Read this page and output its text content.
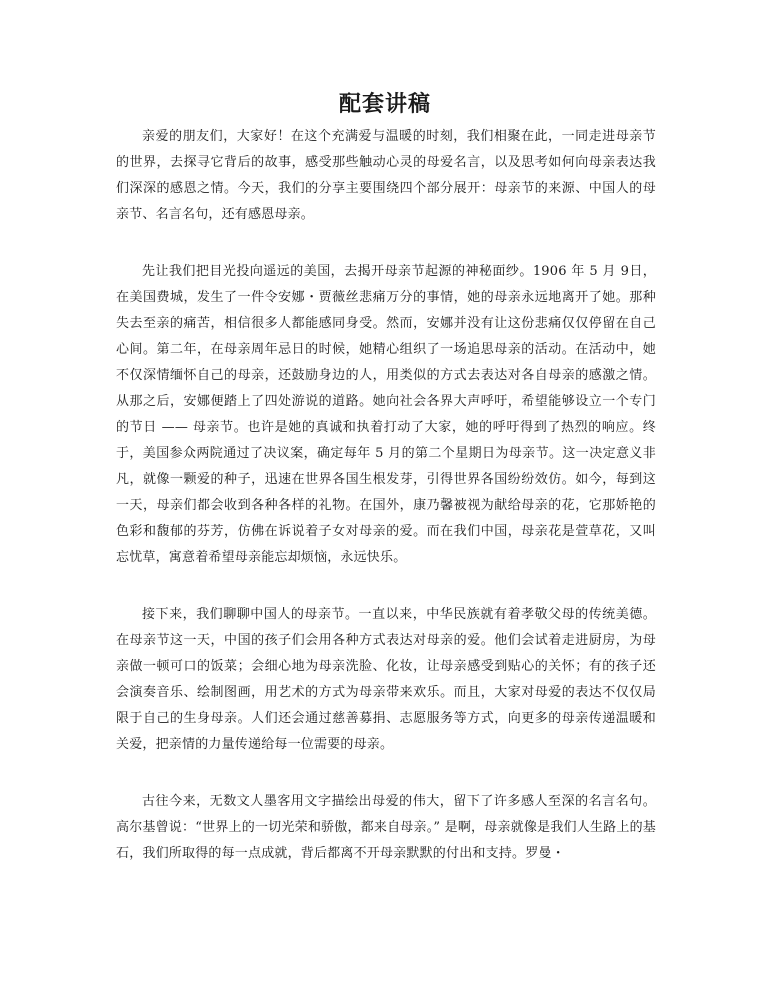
配套讲稿

亲爱的朋友们，大家好！在这个充满爱与温暖的时刻，我们相聚在此，一同走进母亲节的世界，去探寻它背后的故事，感受那些触动心灵的母爱名言，以及思考如何向母亲表达我们深深的感恩之情。今天，我们的分享主要围绕四个部分展开：母亲节的来源、中国人的母亲节、名言名句，还有感恩母亲。

先让我们把目光投向遥远的美国，去揭开母亲节起源的神秘面纱。1906 年 5 月 9日，在美国费城，发生了一件令安娜・贾薇丝悲痛万分的事情，她的母亲永远地离开了她。那种失去至亲的痛苦，相信很多人都能感同身受。然而，安娜并没有让这份悲痛仅仅停留在自己心间。第二年，在母亲周年忌日的时候，她精心组织了一场追思母亲的活动。在活动中，她不仅深情缅怀自己的母亲，还鼓励身边的人，用类似的方式去表达对各自母亲的感激之情。从那之后，安娜便踏上了四处游说的道路。她向社会各界大声呼吁，希望能够设立一个专门的节日 —— 母亲节。也许是她的真诚和执着打动了大家，她的呼吁得到了热烈的响应。终于，美国参众两院通过了决议案，确定每年 5 月的第二个星期日为母亲节。这一决定意义非凡，就像一颗爱的种子，迅速在世界各国生根发芽，引得世界各国纷纷效仿。如今，每到这一天，母亲们都会收到各种各样的礼物。在国外，康乃馨被视为献给母亲的花，它那娇艳的色彩和馥郁的芬芳，仿佛在诉说着子女对母亲的爱。而在我们中国，母亲花是萱草花，又叫忘忧草，寓意着希望母亲能忘却烦恼，永远快乐。

接下来，我们聊聊中国人的母亲节。一直以来，中华民族就有着孝敬父母的传统美德。在母亲节这一天，中国的孩子们会用各种方式表达对母亲的爱。他们会试着走进厨房，为母亲做一顿可口的饭菜；会细心地为母亲洗脸、化妆，让母亲感受到贴心的关怀；有的孩子还会演奏音乐、绘制图画，用艺术的方式为母亲带来欢乐。而且，大家对母爱的表达不仅仅局限于自己的生身母亲。人们还会通过慈善募捐、志愿服务等方式，向更多的母亲传递温暖和关爱，把亲情的力量传递给每一位需要的母亲。

古往今来，无数文人墨客用文字描绘出母爱的伟大，留下了许多感人至深的名言名句。高尔基曾说：“世界上的一切光荣和骄傲，都来自母亲。” 是啊，母亲就像是我们人生路上的基石，我们所取得的每一点成就，背后都离不开母亲默默的付出和支持。罗曼・
